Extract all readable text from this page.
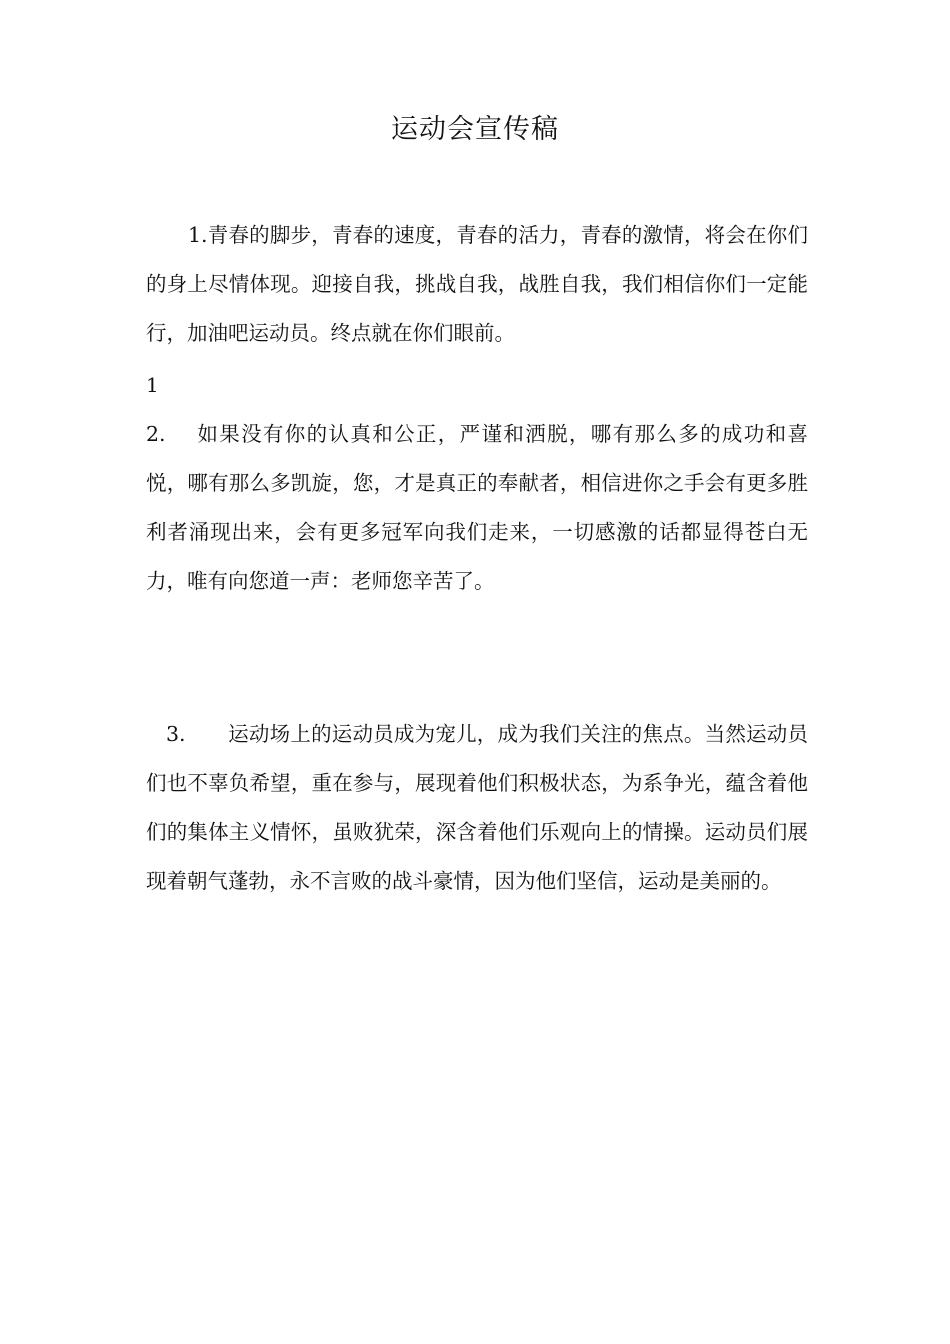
运动会宣传稿
1.青春的脚步，青春的速度，青春的活力，青春的激情，将会在你们的身上尽情体现。迎接自我，挑战自我，战胜自我，我们相信你们一定能行，加油吧运动员。终点就在你们眼前。
1
2. 如果没有你的认真和公正，严谨和洒脱，哪有那么多的成功和喜悦，哪有那么多凯旋，您，才是真正的奉献者，相信进你之手会有更多胜利者涌现出来，会有更多冠军向我们走来，一切感激的话都显得苍白无力，唯有向您道一声：老师您辛苦了。
3. 运动场上的运动员成为宠儿，成为我们关注的焦点。当然运动员们也不辜负希望，重在参与，展现着他们积极状态，为系争光，蕴含着他们的集体主义情怀，虽败犹荣，深含着他们乐观向上的情操。运动员们展现着朝气蓬勃，永不言败的战斗豪情，因为他们坚信，运动是美丽的。
